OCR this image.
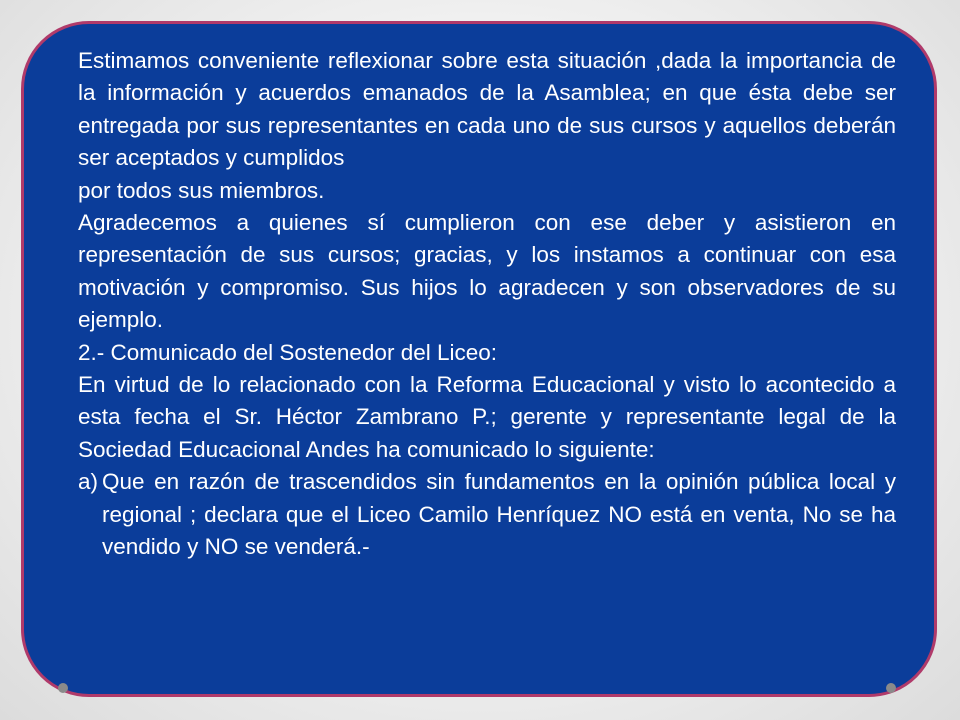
Estimamos conveniente reflexionar sobre esta situación ,dada la importancia de la información y acuerdos emanados de la Asamblea; en que ésta debe ser entregada por sus representantes en cada uno de sus cursos y aquellos deberán ser aceptados y cumplidos

por todos sus miembros.

Agradecemos a quienes sí cumplieron con ese deber y asistieron en representación de sus cursos; gracias, y los instamos a continuar con esa motivación y compromiso. Sus hijos lo agradecen y son observadores de su ejemplo.

2.- Comunicado del Sostenedor del Liceo:

En virtud de lo relacionado con la Reforma Educacional y visto lo acontecido a esta fecha el Sr. Héctor Zambrano P.; gerente y representante legal de la Sociedad Educacional Andes ha comunicado lo siguiente:

a) Que en razón de trascendidos sin fundamentos en la opinión pública local y regional ; declara que el Liceo Camilo Henríquez NO está en venta, No se ha vendido y NO se venderá.-
